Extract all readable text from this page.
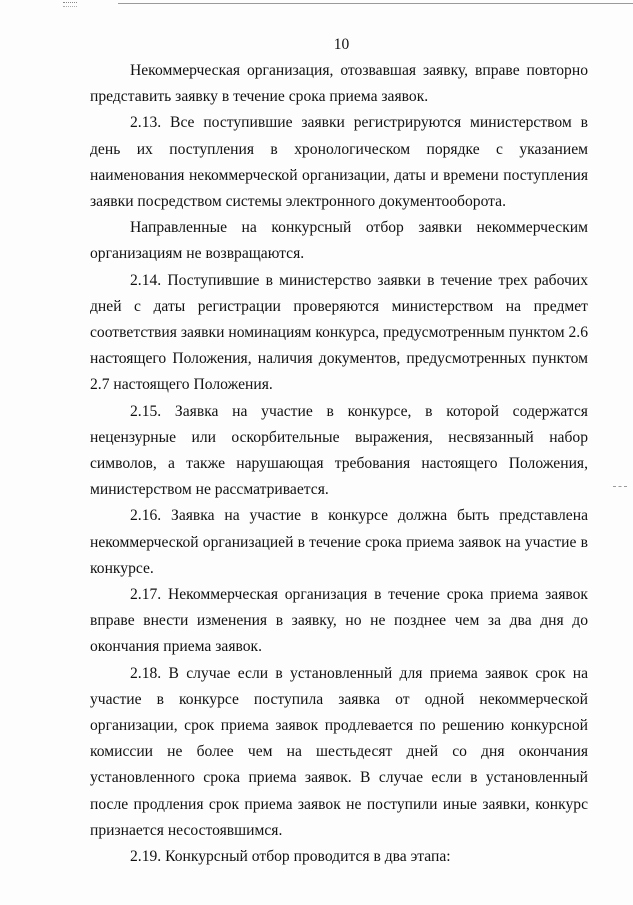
10

Некоммерческая организация, отозвавшая заявку, вправе повторно представить заявку в течение срока приема заявок.

2.13. Все поступившие заявки регистрируются министерством в день их поступления в хронологическом порядке с указанием наименования некоммерческой организации, даты и времени поступления заявки посредством системы электронного документооборота.

Направленные на конкурсный отбор заявки некоммерческим организациям не возвращаются.

2.14. Поступившие в министерство заявки в течение трех рабочих дней с даты регистрации проверяются министерством на предмет соответствия заявки номинациям конкурса, предусмотренным пунктом 2.6 настоящего Положения, наличия документов, предусмотренных пунктом 2.7 настоящего Положения.

2.15. Заявка на участие в конкурсе, в которой содержатся нецензурные или оскорбительные выражения, несвязанный набор символов, а также нарушающая требования настоящего Положения, министерством не рассматривается.

2.16. Заявка на участие в конкурсе должна быть представлена некоммерческой организацией в течение срока приема заявок на участие в конкурсе.

2.17. Некоммерческая организация в течение срока приема заявок вправе внести изменения в заявку, но не позднее чем за два дня до окончания приема заявок.

2.18. В случае если в установленный для приема заявок срок на участие в конкурсе поступила заявка от одной некоммерческой организации, срок приема заявок продлевается по решению конкурсной комиссии не более чем на шестьдесят дней со дня окончания установленного срока приема заявок. В случае если в установленный после продления срок приема заявок не поступили иные заявки, конкурс признается несостоявшимся.

2.19. Конкурсный отбор проводится в два этапа:
